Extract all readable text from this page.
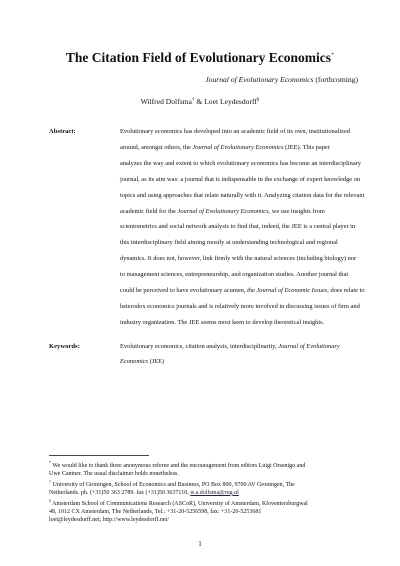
The Citation Field of Evolutionary Economics*
Journal of Evolutionary Economics (forthcoming)
Wilfred Dolfsma† & Loet Leydesdorff§
Abstract:	Evolutionary economics has developed into an academic field of its own, institutionalized
around, amongst others, the Journal of Evolutionary Economics (JEE). This paper
analyzes the way and extent to which evolutionary economics has become an interdisciplinary
journal, as its aim was: a journal that is indispensable in the exchange of expert knowledge on
topics and using approaches that relate naturally with it. Analyzing citation data for the relevant
academic field for the Journal of Evolutionary Economics, we use insights from
scientometrics and social network analysis to find that, indeed, the JEE is a central player in
this interdisciplinary field aiming mostly at understanding technological and regional
dynamics. It does not, however, link firmly with the natural sciences (including biology) nor
to management sciences, entrepreneurship, and organization studies. Another journal that
could be perceived to have evolutionary acumen, the Journal of Economic Issues, does relate to
heterodox economics journals and is relatively more involved in discussing issues of firm and
industry organization. The JEE seems most keen to develop theoretical insights.
Keywords:	Evolutionary economics, citation analysis, interdisciplinarity, Journal of Evolutionary
Economics (JEE)
* We would like to thank three anonymous referee and the encouragement from editors Luigi Orsenigo and
Uwe Cantner. The usual disclaimer holds nonetheless.
† University of Groningen, School of Economics and Business, PO Box 800, 9700 AV Groningen, The
Netherlands. ph. (+31)50 363 2789. fax (+31)50 3637110, w.a.dolfsma@rug.nl
§ Amsterdam School of Communications Research (ASCoR), University of Amsterdam, Kloveniersburgwal
48, 1012 CX Amsterdam, The Netherlands, Tel.: +31-20-5256598, fax: +31-20-5253681
loet@leydesdorff.net; http://www.leydesdorff.net/
1
